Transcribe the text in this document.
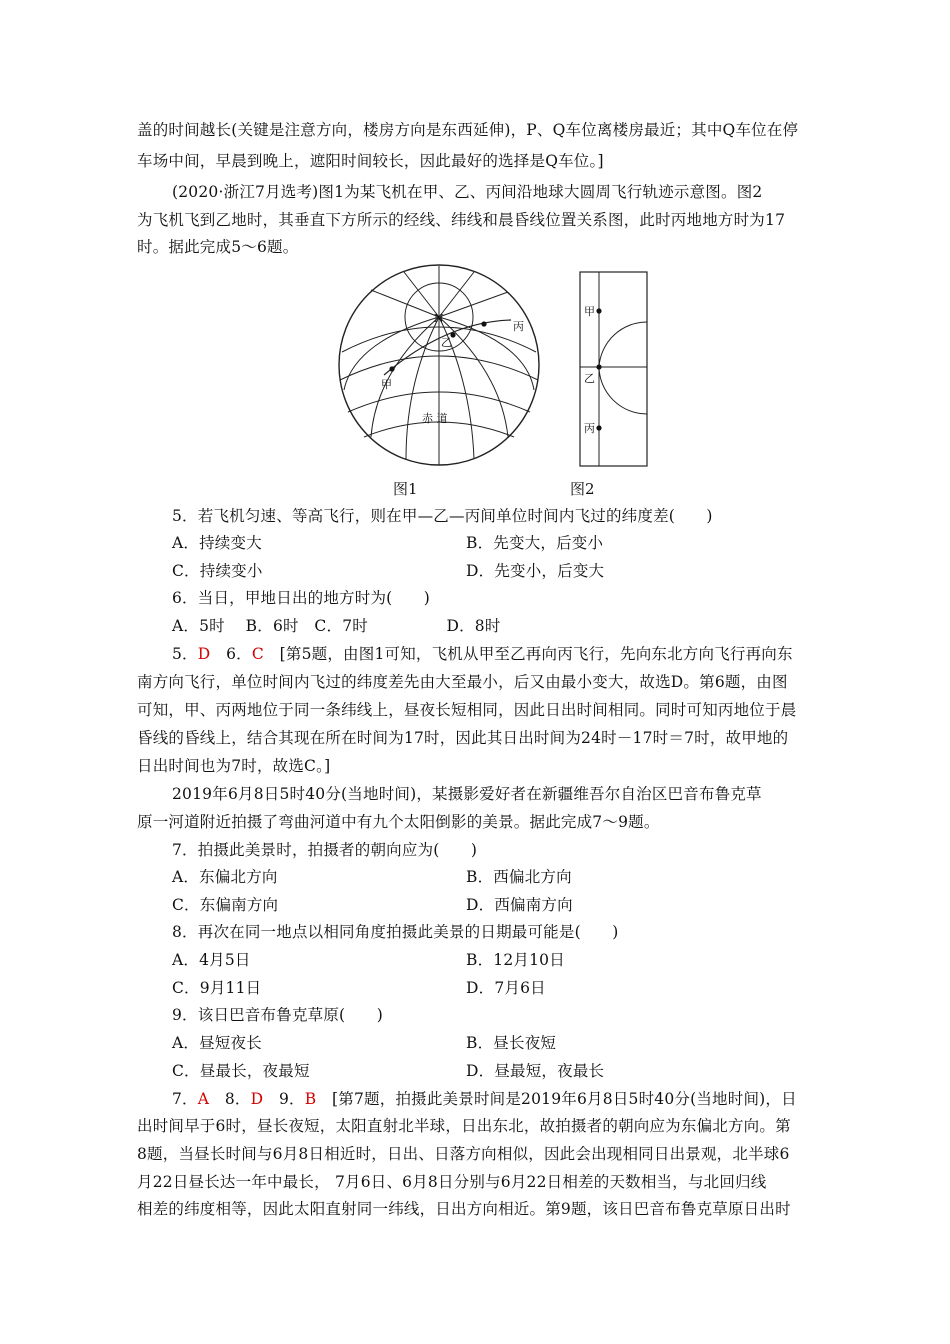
盖的时间越长(关键是注意方向，楼房方向是东西延伸)，P、Q车位离楼房最近；其中Q车位在停
车场中间，早晨到晚上，遮阳时间较长，因此最好的选择是Q车位。]
(2020·浙江7月选考)图1为某飞机在甲、乙、丙间沿地球大圆周飞行轨迹示意图。图2
为飞机飞到乙地时，其垂直下方所示的经线、纬线和晨昏线位置关系图，此时丙地地方时为17
时。据此完成5～6题。
N
乙
丙
甲
赤 道
甲
乙
丙
图1	图2
5．若飞机匀速、等高飞行，则在甲—乙—丙间单位时间内飞过的纬度差(　　)
A．持续变大	B．先变大，后变小
C．持续变小	D．先变小，后变大
6．当日，甲地日出的地方时为(　　)
A．5时　 B．6时　C．7时　　　　　D．8时
5．D　6．C　[第5题，由图1可知，飞机从甲至乙再向丙飞行，先向东北方向飞行再向东
南方向飞行，单位时间内飞过的纬度差先由大至最小，后又由最小变大，故选D。第6题，由图
可知，甲、丙两地位于同一条纬线上，昼夜长短相同，因此日出时间相同。同时可知丙地位于晨
昏线的昏线上，结合其现在所在时间为17时，因此其日出时间为24时－17时＝7时，故甲地的
日出时间也为7时，故选C。]
2019年6月8日5时40分(当地时间)，某摄影爱好者在新疆维吾尔自治区巴音布鲁克草
原一河道附近拍摄了弯曲河道中有九个太阳倒影的美景。据此完成7～9题。
7．拍摄此美景时，拍摄者的朝向应为(　　)
A．东偏北方向	B．西偏北方向
C．东偏南方向	D．西偏南方向
8．再次在同一地点以相同角度拍摄此美景的日期最可能是(　　)
A．4月5日	B．12月10日
C．9月11日	D．7月6日
9．该日巴音布鲁克草原(　　)
A．昼短夜长	B．昼长夜短
C．昼最长，夜最短	D．昼最短，夜最长
7．A　8．D　9．B　[第7题，拍摄此美景时间是2019年6月8日5时40分(当地时间)，日
出时间早于6时，昼长夜短，太阳直射北半球，日出东北，故拍摄者的朝向应为东偏北方向。第
8题，当昼长时间与6月8日相近时，日出、日落方向相似，因此会出现相同日出景观，北半球6
月22日昼长达一年中最长， 7月6日、6月8日分别与6月22日相差的天数相当，与北回归线
相差的纬度相等，因此太阳直射同一纬线，日出方向相近。第9题，该日巴音布鲁克草原日出时
